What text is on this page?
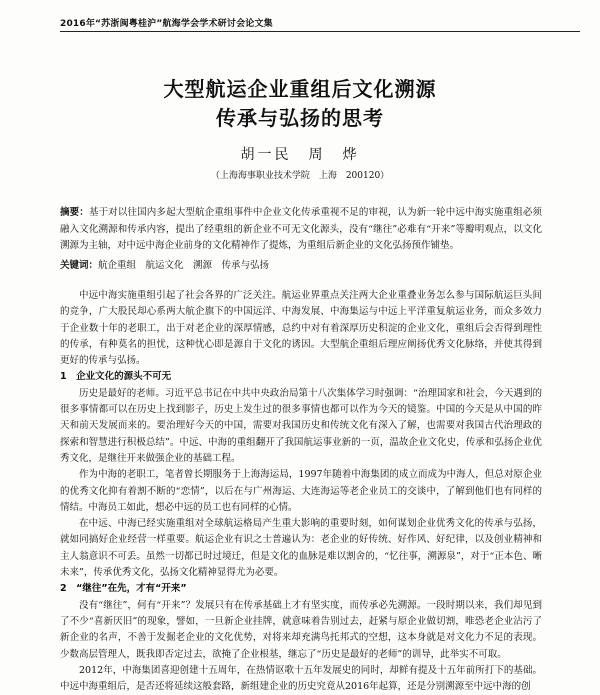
2016年“苏浙闽粤桂沪”航海学会学术研讨会论文集
大型航运企业重组后文化溯源
传承与弘扬的思考
胡一民　周　烨
（上海海事职业技术学院　上海　200120）
摘要：基于对以往国内多起大型航企重组事件中企业文化传承重视不足的审视，认为新一轮中远中海实施重组必须融入文化溯源和传承内容，提出了经重组的新企业不可无文化源头，没有“继往”必难有“开来”等瓣明观点，以文化溯源为主轴，对中远中海企业前身的文化精神作了提炼，为重组后新企业的文化弘扬预作铺垫。
关键词：航企重组　航运文化　溯源　传承与弘扬

中远中海实施重组引起了社会各界的广泛关注。航运业界重点关注两大企业重叠业务怎么参与国际航运巨头间的竞争，广大股民却心系两大航企旗下的中国远洋、中海发展、中海集运与中远上平洋重复航运业务，而众多效力于企业数十年的老职工，出于对老企业的深厚情感，总约中对有着深厚历史积淀的企业文化，重组后会否得到理性的传承，有种莫名的担忧，这种忧心即是源自于文化的诱因。大型航企重组后理应阐扬优秀文化脉络，并使其得到更好的传承与弘扬。

1　企业文化的源头不可无

历史是最好的老师。习近平总书记在中共中央政治局第十八次集体学习时强调：“治理国家和社会，今天遇到的很多事情都可以在历史上找到影子，历史上发生过的很多事情也都可以作为今天的镜鉴。中国的今天是从中国的昨天和前天发展而来的。要治理好今天的中国，需要对我国历史和传统文化有深入了解，也需要对我国古代治理政的探索和智慧进行积极总结”。中远、中海的重组翻开了我国航运事业新的一页，温故企业文化史，传承和弘扬企业优秀文化，是继往开来做强企业的基础工程。

作为中海的老职工，笔者曾长期服务于上海海运局，1997年随着中海集团的成立而成为中海人，但总对原企业的优秀文化抑有着割不断的“恋情”，以后在与广州海运、大连海运等老企业员工的交谈中，了解到他们也有同样的情结。中海员工如此，想必中远的员工也有同样的心情。

在中远、中海已经实施重组对全球航运格局产生重大影响的重要时刻，如何谋划企业优秀文化的传承与弘扬，就如同搞好企业经营一样重要。航运企业有识之士普遍认为：老企业的好传统、好作风、好纪律，以及创业精神和主人翁意识不可丢。虽然一切都已时过境迁，但是文化的血脉是难以割舍的，“忆往事，溯源泉”，对于“正本色、晰未来”，传承优秀文化，弘扬文化精神显得尤为必要。

2　“继往”在先，才有“开来”

没有“继往”，何有“开来”？发展只有在传承基础上才有坚实度，而传承必先溯源。一段时期以来，我们却见到了不少“喜新厌旧”的现象，譬如，一旦新企业挂牌，就意味着告别过去，赶紧与原企业做切割，唯恐老企业沾污了新企业的名声，不善于发掘老企业的文化优势，对将来却充满鸟托邦式的空想，这本身就是对文化力不足的表现。少数高层管理人，既我即否定过去，欲掩了企业根基，继忘了“历史是最好的老师”的训导，此举实不可取。

2012年，中海集团喜迎创建十五周年，在热情讴歌十五年发展史的同时，却鲜有提及十五年前所打下的基础。中远中海重组后，是否还将延续这般套路，新组建企业的历史究竟从2016年起算，还是分别溯源至中远中海的创
